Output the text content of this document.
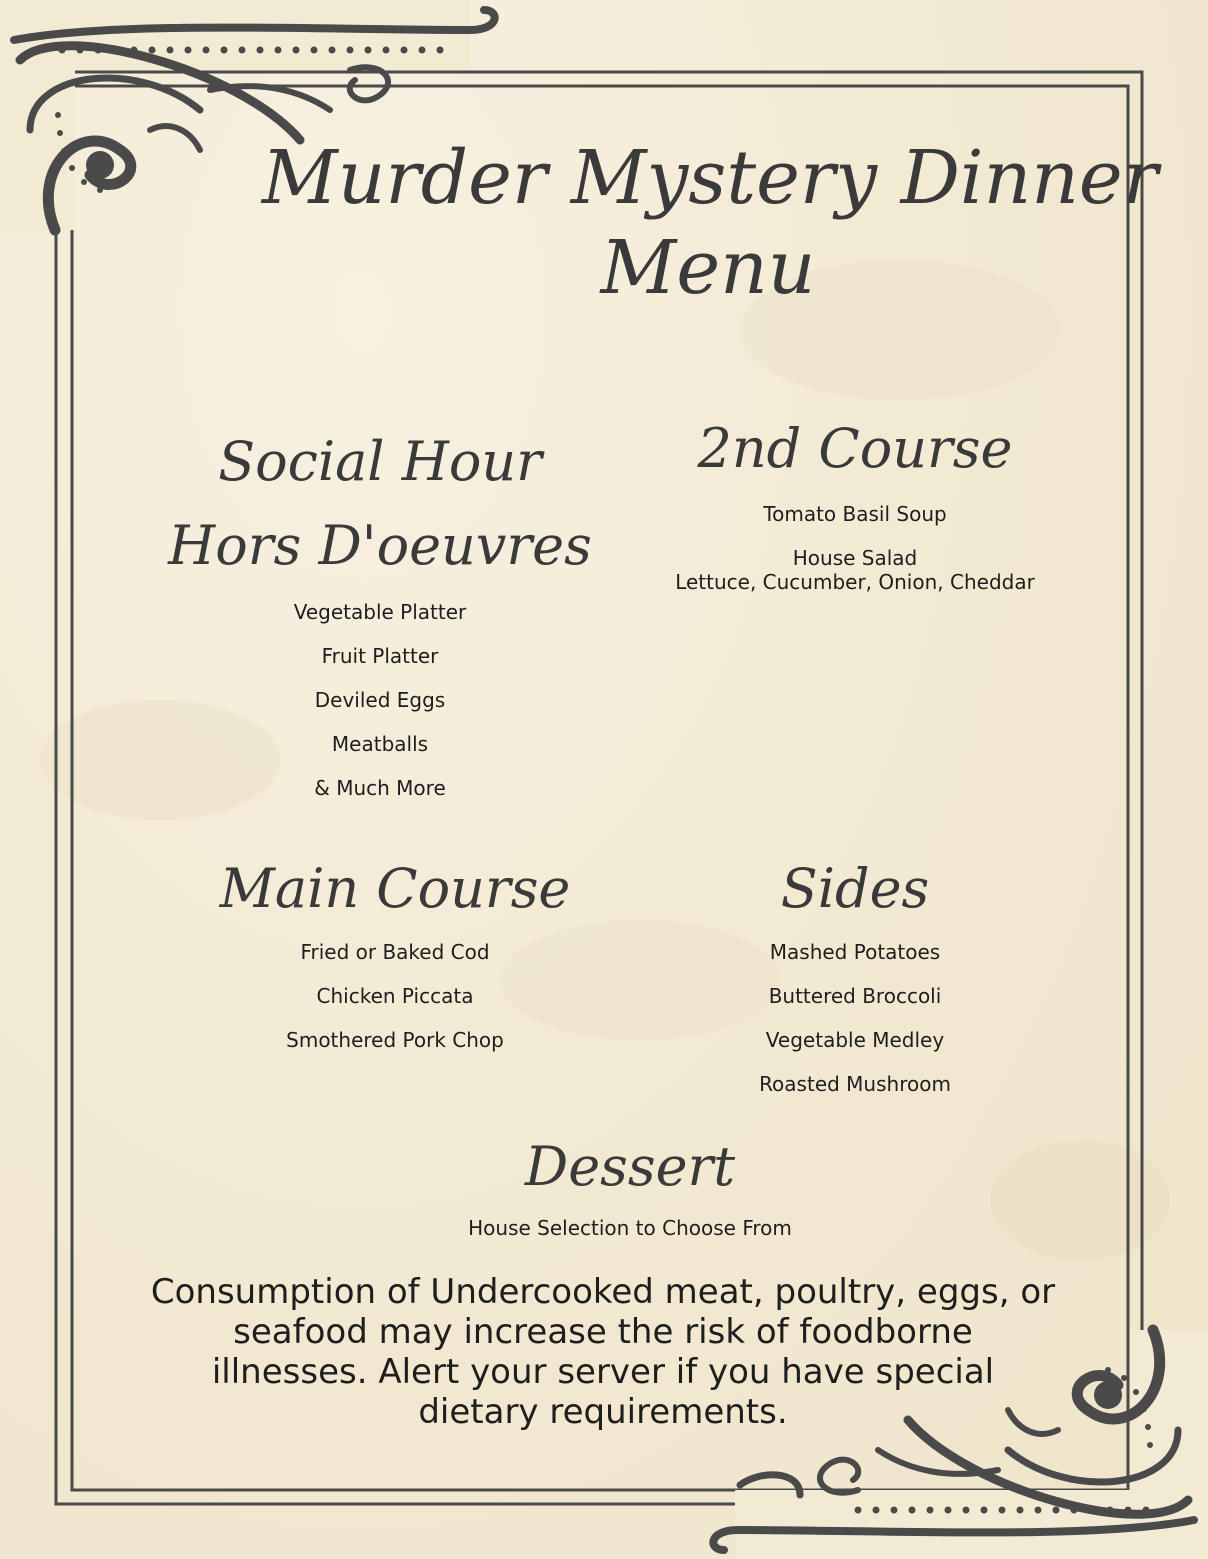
Murder Mystery Dinner
Menu
Social Hour
Hors D'oeuvres
Vegetable Platter
Fruit Platter
Deviled Eggs
Meatballs
& Much More
2nd Course
Tomato Basil Soup
House Salad
Lettuce, Cucumber, Onion, Cheddar
Main Course
Fried or Baked Cod
Chicken Piccata
Smothered Pork Chop
Sides
Mashed Potatoes
Buttered Broccoli
Vegetable Medley
Roasted Mushroom
Dessert
House Selection to Choose From

Consumption of Undercooked meat, poultry, eggs, or seafood may increase the risk of foodborne illnesses. Alert your server if you have special dietary requirements.
